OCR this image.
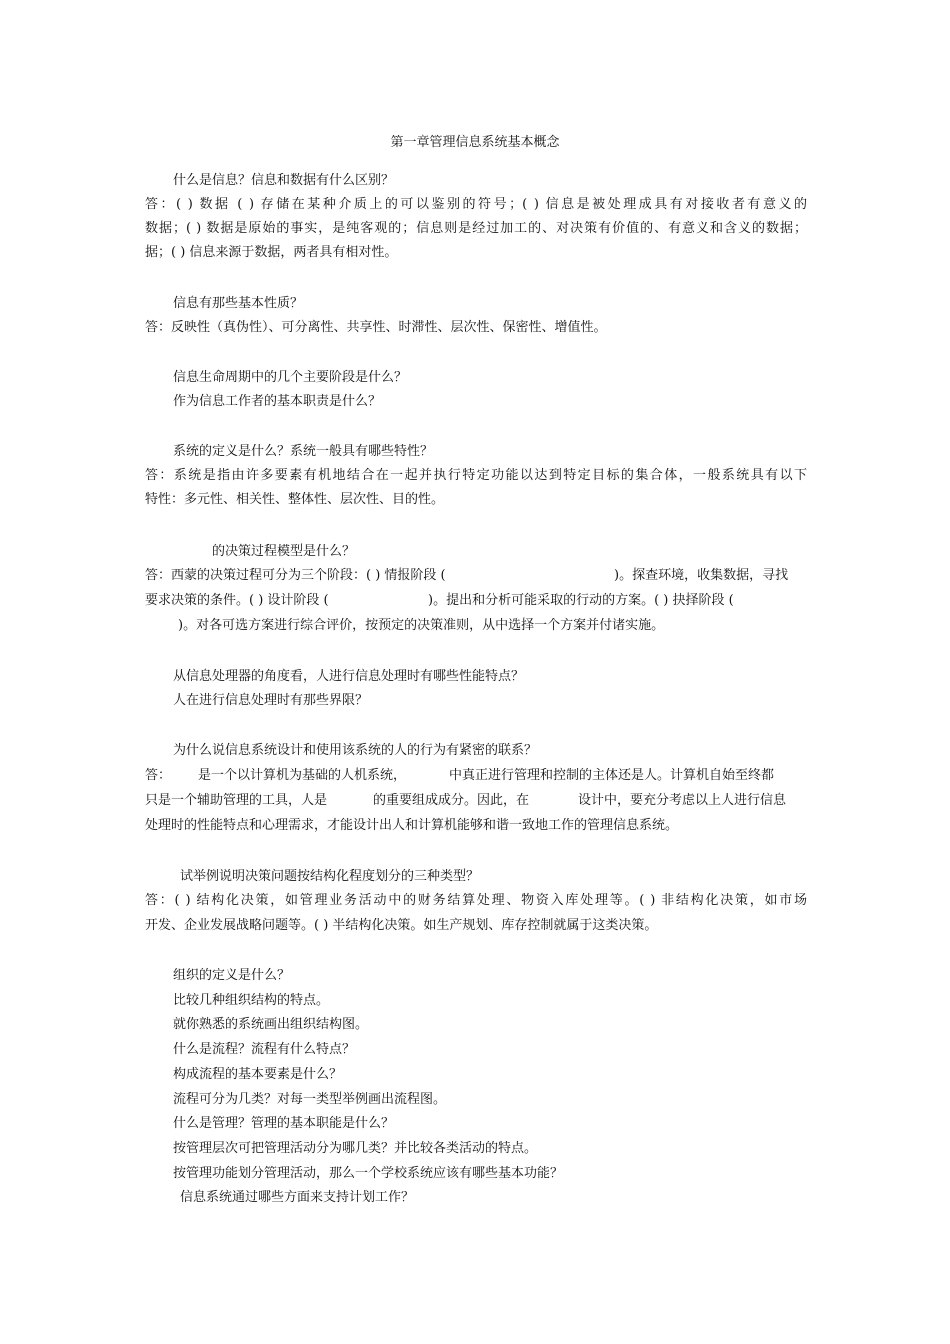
第一章管理信息系统基本概念
什么是信息？信息和数据有什么区别？
答：( ) 数据 ( ) 存储在某种介质上的可以鉴别的符号；( ) 信息是被处理成具有对接收者有意义的
数据；( ) 数据是原始的事实，是纯客观的；信息则是经过加工的、对决策有价值的、有意义和含义的数据；
据；( ) 信息来源于数据，两者具有相对性。
信息有那些基本性质？
答：反映性（真伪性）、可分离性、共享性、时滞性、层次性、保密性、增值性。
信息生命周期中的几个主要阶段是什么？
作为信息工作者的基本职责是什么？
系统的定义是什么？系统一般具有哪些特性？
答：系统是指由许多要素有机地结合在一起并执行特定功能以达到特定目标的集合体，一般系统具有以下
特性：多元性、相关性、整体性、层次性、目的性。
的决策过程模型是什么？
答：西蒙的决策过程可分为三个阶段：( ) 情报阶段 (	)。探查环境，收集数据，寻找
要求决策的条件。( ) 设计阶段 (	)。提出和分析可能采取的行动的方案。( ) 抉择阶段 (
)。对各可选方案进行综合评价，按预定的决策准则，从中选择一个方案并付诸实施。
从信息处理器的角度看，人进行信息处理时有哪些性能特点？
人在进行信息处理时有那些界限？
为什么说信息系统设计和使用该系统的人的行为有紧密的联系？
答： 是一个以计算机为基础的人机系统，	中真正进行管理和控制的主体还是人。计算机自始至终都
只是一个辅助管理的工具，人是	的重要组成成分。因此，在	设计中，要充分考虑以上人进行信息
处理时的性能特点和心理需求，才能设计出人和计算机能够和谐一致地工作的管理信息系统。
试举例说明决策问题按结构化程度划分的三种类型？
答：( ) 结构化决策，如管理业务活动中的财务结算处理、物资入库处理等。( ) 非结构化决策，如市场
开发、企业发展战略问题等。( ) 半结构化决策。如生产规划、库存控制就属于这类决策。
组织的定义是什么？
比较几种组织结构的特点。
就你熟悉的系统画出组织结构图。
什么是流程？流程有什么特点？
构成流程的基本要素是什么？
流程可分为几类？对每一类型举例画出流程图。
什么是管理？管理的基本职能是什么？
按管理层次可把管理活动分为哪几类？并比较各类活动的特点。
按管理功能划分管理活动，那么一个学校系统应该有哪些基本功能？
信息系统通过哪些方面来支持计划工作？
